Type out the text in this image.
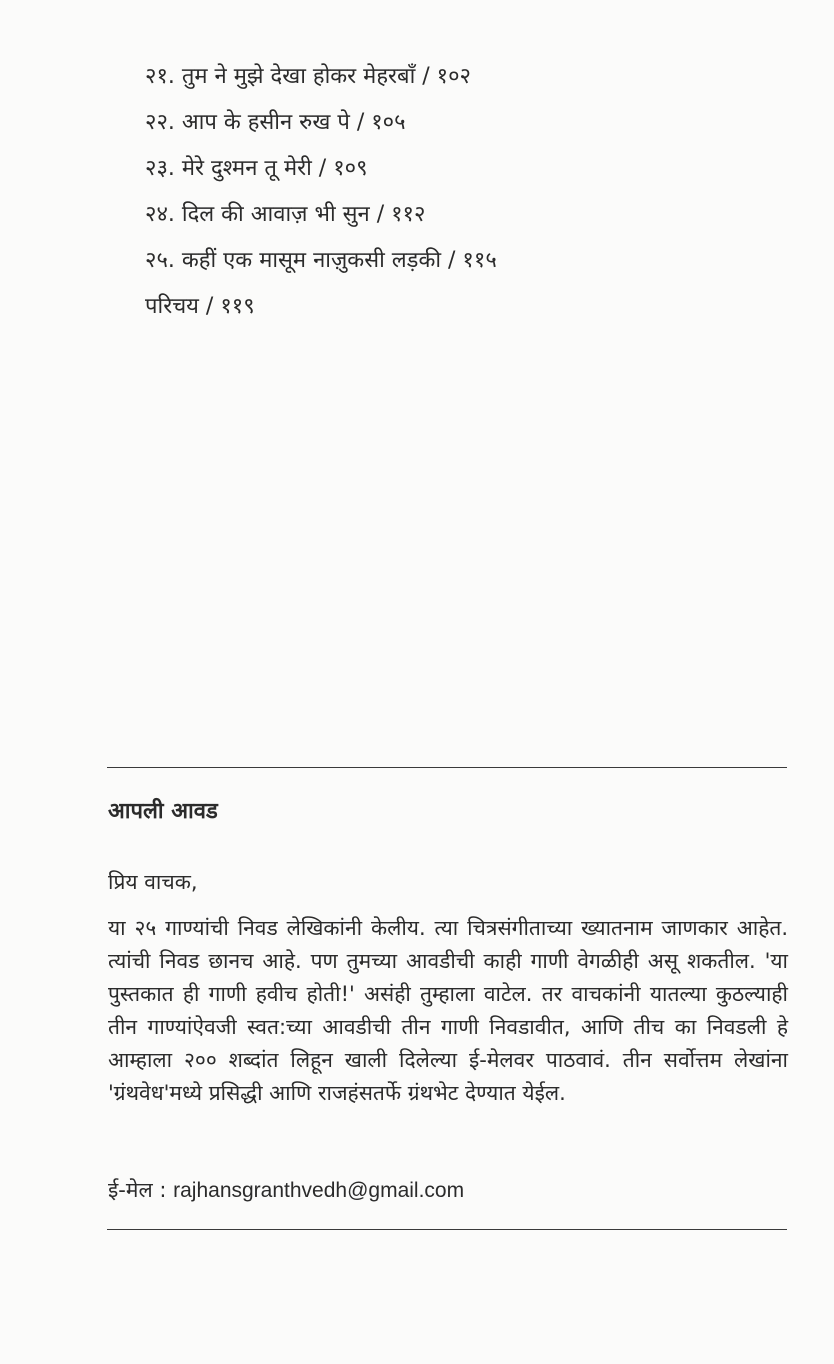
२१. तुम ने मुझे देखा होकर मेहरबाँ / १०२
२२. आप के हसीन रुख पे / १०५
२३. मेरे दुश्मन तू मेरी / १०९
२४. दिल की आवाज़ भी सुन / ११२
२५. कहीं एक मासूम नाज़ुकसी लड़की / ११५
परिचय / ११९
आपली आवड

प्रिय वाचक,

या २५ गाण्यांची निवड लेखिकांनी केलीय. त्या चित्रसंगीताच्या ख्यातनाम जाणकार आहेत. त्यांची निवड छानच आहे. पण तुमच्या आवडीची काही गाणी वेगळीही असू शकतील. 'या पुस्तकात ही गाणी हवीच होती!' असंही तुम्हाला वाटेल. तर वाचकांनी यातल्या कुठल्याही तीन गाण्यांऐवजी स्वत:च्या आवडीची तीन गाणी निवडावीत, आणि तीच का निवडली हे आम्हाला २०० शब्दांत लिहून खाली दिलेल्या ई-मेलवर पाठवावं. तीन सर्वोत्तम लेखांना 'ग्रंथवेध'मध्ये प्रसिद्धी आणि राजहंसतर्फे ग्रंथभेट देण्यात येईल.

ई-मेल : rajhansgranthvedh@gmail.com
